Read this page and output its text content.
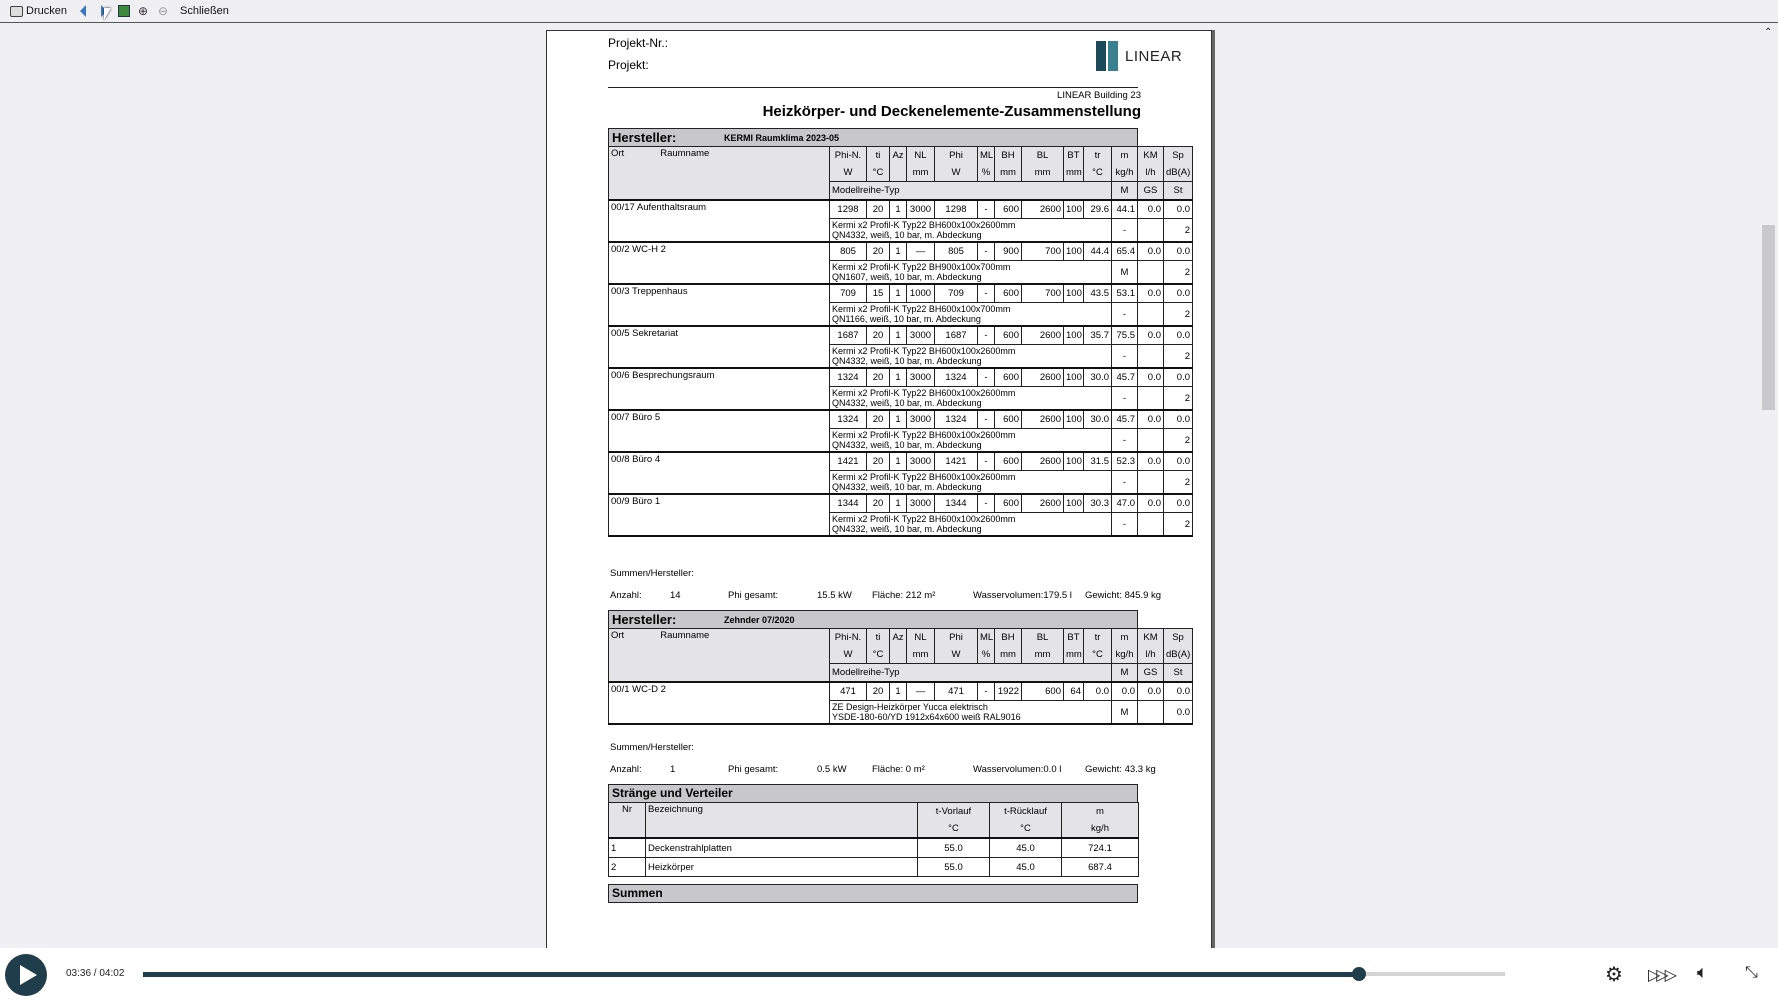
Drucken	⊕ ⊖ Schließen
Projekt-Nr.:
Projekt:
LINEAR
LINEAR Building 23
Heizkörper- und Deckenelemente-Zusammenstellung
Hersteller:	KERMI Raumklima 2023-05
Ort Raumname	Phi-N.	ti	Az	NL	Phi	ML	BH	BL	BT	tr	m	KM	Sp
	W	°C		mm	W	%	mm	mm	mm	°C	kg/h	l/h	dB(A)
	Modellreihe-Typ										M	GS	St
00/17 Aufenthaltsraum	1298	20	1	3000	1298	-	600	2600	100	29.6	44.1	0.0	0.0

	Kermi x2 Profil-K Typ22 BH600x100x2600mm
QN4332, weiß, 10 bar, m. Abdeckung										-		2
00/2 WC-H 2	805	20	1	—	805	-	900	700	100	44.4	65.4	0.0	0.0

	Kermi x2 Profil-K Typ22 BH900x100x700mm
QN1607, weiß, 10 bar, m. Abdeckung										M		2
00/3 Treppenhaus	709	15	1	1000	709	-	600	700	100	43.5	53.1	0.0	0.0

	Kermi x2 Profil-K Typ22 BH600x100x700mm
QN1166, weiß, 10 bar, m. Abdeckung										-		2
00/5 Sekretariat	1687	20	1	3000	1687	-	600	2600	100	35.7	75.5	0.0	0.0

	Kermi x2 Profil-K Typ22 BH600x100x2600mm
QN4332, weiß, 10 bar, m. Abdeckung										-		2
00/6 Besprechungsraum	1324	20	1	3000	1324	-	600	2600	100	30.0	45.7	0.0	0.0

	Kermi x2 Profil-K Typ22 BH600x100x2600mm
QN4332, weiß, 10 bar, m. Abdeckung										-		2
00/7 Büro 5	1324	20	1	3000	1324	-	600	2600	100	30.0	45.7	0.0	0.0

	Kermi x2 Profil-K Typ22 BH600x100x2600mm
QN4332, weiß, 10 bar, m. Abdeckung										-		2
00/8 Büro 4	1421	20	1	3000	1421	-	600	2600	100	31.5	52.3	0.0	0.0

	Kermi x2 Profil-K Typ22 BH600x100x2600mm
QN4332, weiß, 10 bar, m. Abdeckung										-		2
00/9 Büro 1	1344	20	1	3000	1344	-	600	2600	100	30.3	47.0	0.0	0.0

	Kermi x2 Profil-K Typ22 BH600x100x2600mm
QN4332, weiß, 10 bar, m. Abdeckung										-		2
Summen/Hersteller:
Anzahl:	14	Phi gesamt:	15.5 kW Fläche: 212 m²	Wasservolumen:179.5 l Gewicht: 845.9 kg
Hersteller:	Zehnder 07/2020
Ort Raumname	Phi-N.	ti	Az	NL	Phi	ML	BH	BL	BT	tr	m	KM	Sp
	W	°C		mm	W	%	mm	mm	mm	°C	kg/h	l/h	dB(A)
	Modellreihe-Typ										M	GS	St
00/1 WC-D 2	471	20	1	—	471	-	1922	600	64	0.0	0.0	0.0	0.0

	ZE Design-Heizkörper Yucca elektrisch
YSDE-180-60/YD 1912x64x600 weiß RAL9016										M		0.0
Summen/Hersteller:
Anzahl:	1	Phi gesamt:	0.5 kW	Fläche: 0 m²	Wasservolumen:0.0 l Gewicht: 43.3 kg
Stränge und Verteiler
Nr	Bezeichnung	t-Vorlauf	t-Rücklauf	m
		°C	°C	kg/h
1	Deckenstrahlplatten	55.0	45.0	724.1
2	Heizkörper	55.0	45.0	687.4
Summen
⌃
03:36 / 04:02	⚙ ▷▷▷ 🔈︎ ⤡
